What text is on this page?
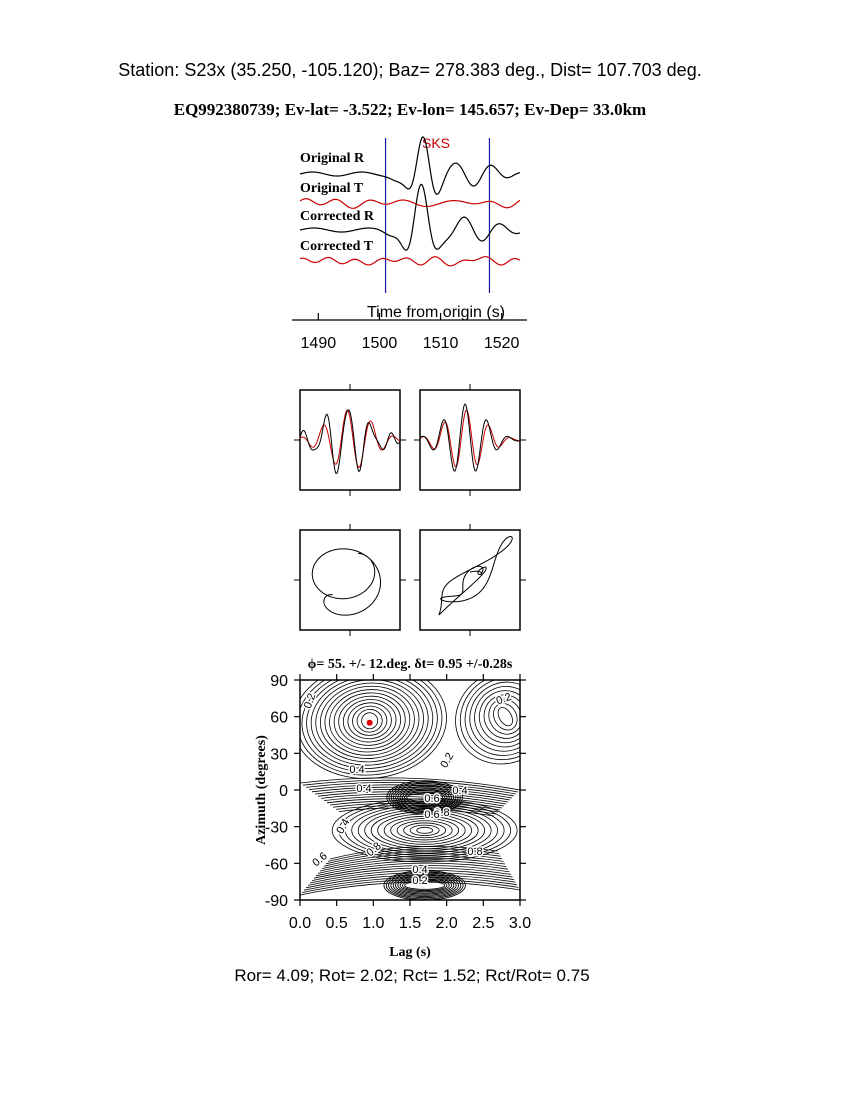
Station: S23x (35.250, -105.120); Baz= 278.383 deg., Dist= 107.703 deg.
EQ992380739; Ev-lat= -3.522; Ev-lon= 145.657; Ev-Dep= 33.0km
SKS
Original R
Original T
Corrected R
Corrected T
Time from origin (s)
1490 1500 1510 1520
ϕ= 55. +/- 12.deg. δt= 0.95 +/-0.28s
0.2
0.4	0.2
0.2
0.4
0.6
0.4
0.8
0.6
0.8
0.4
0.8
0.6
0.4
0.2
0.0 0.5 1.0 1.5 2.0 2.5 3.0
90
60
30
0
-30
-60
-90
Lag (s)
Azimuth (degrees)
Ror= 4.09; Rot= 2.02; Rct= 1.52; Rct/Rot= 0.75
